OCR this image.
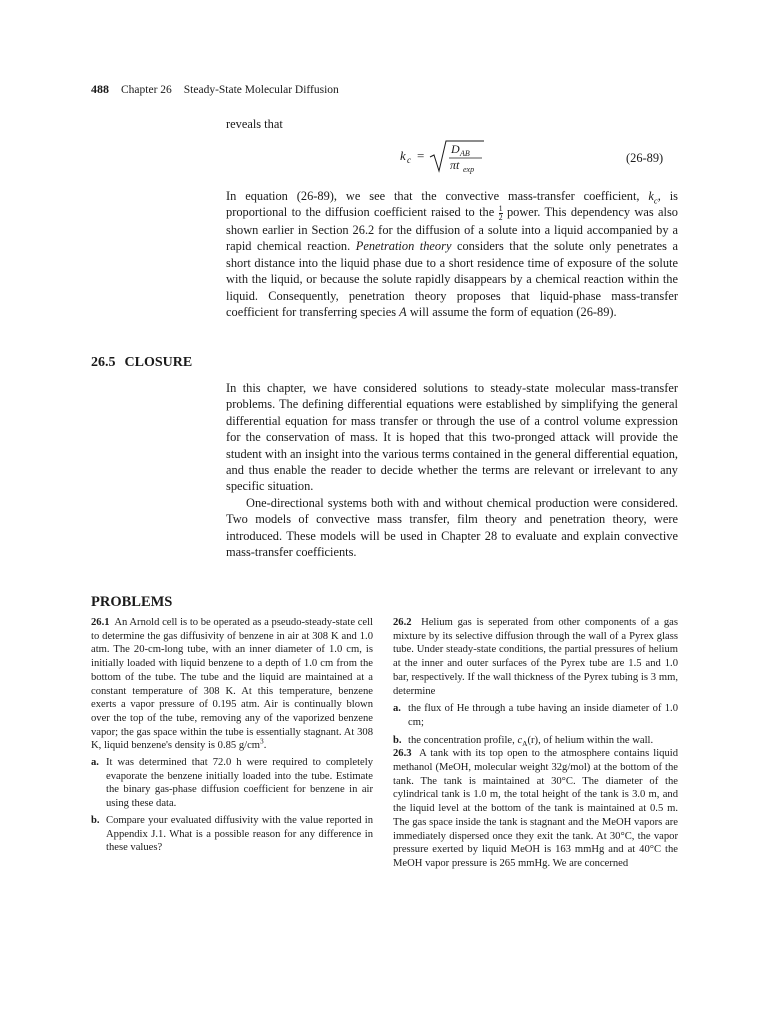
488 Chapter 26 Steady-State Molecular Diffusion
reveals that
k c = D AB
πt exp
(26-89)

In equation (26-89), we see that the convective mass-transfer coefficient, $k_c$, is proportional to the diffusion coefficient raised to the $\frac{1}{2}$ power. This dependency was also shown earlier in Section 26.2 for the diffusion of a solute into a liquid accompanied by a rapid chemical reaction. Penetration theory considers that the solute only penetrates a short distance into the liquid phase due to a short residence time of exposure of the solute with the liquid, or because the solute rapidly disappears by a chemical reaction within the liquid. Consequently, penetration theory proposes that liquid-phase mass-transfer coefficient for transferring species A will assume the form of equation (26-89).

26.5 CLOSURE

In this chapter, we have considered solutions to steady-state molecular mass-transfer problems. The defining differential equations were established by simplifying the general differential equation for mass transfer or through the use of a control volume expression for the conservation of mass. It is hoped that this two-pronged attack will provide the student with an insight into the various terms contained in the general differential equation, and thus enable the reader to decide whether the terms are relevant or irrelevant to any specific situation.

One-directional systems both with and without chemical production were considered. Two models of convective mass transfer, film theory and penetration theory, were introduced. These models will be used in Chapter 28 to evaluate and explain convective mass-transfer coefficients.

PROBLEMS

26.1 An Arnold cell is to be operated as a pseudo-steady-state cell to determine the gas diffusivity of benzene in air at 308 K and 1.0 atm. The 20-cm-long tube, with an inner diameter of 1.0 cm, is initially loaded with liquid benzene to a depth of 1.0 cm from the bottom of the tube. The tube and the liquid are maintained at a constant temperature of 308 K. At this temperature, benzene exerts a vapor pressure of 0.195 atm. Air is continually blown over the top of the tube, removing any of the vaporized benzene vapor; the gas space within the tube is essentially stagnant. At 308 K, liquid benzene's density is 0.85 $g/cm^3$.

a. It was determined that 72.0 h were required to completely evaporate the benzene initially loaded into the tube. Estimate the binary gas-phase diffusion coefficient for benzene in air using these data.
b. Compare your evaluated diffusivity with the value reported in Appendix J.1. What is a possible reason for any difference in these values?

26.2 Helium gas is seperated from other components of a gas mixture by its selective diffusion through the wall of a Pyrex glass tube. Under steady-state conditions, the partial pressures of helium at the inner and outer surfaces of the Pyrex tube are 1.5 and 1.0 bar, respectively. If the wall thickness of the Pyrex tubing is 3 mm, determine

a. the flux of He through a tube having an inside diameter of 1.0 cm;
b. the concentration profile, $c_A(r)$, of helium within the wall.

26.3 A tank with its top open to the atmosphere contains liquid methanol (MeOH, molecular weight 32g/mol) at the bottom of the tank. The tank is maintained at 30°C. The diameter of the cylindrical tank is 1.0 m, the total height of the tank is 3.0 m, and the liquid level at the bottom of the tank is maintained at 0.5 m. The gas space inside the tank is stagnant and the MeOH vapors are immediately dispersed once they exit the tank. At 30°C, the vapor pressure exerted by liquid MeOH is 163 mmHg and at 40°C the MeOH vapor pressure is 265 mmHg. We are concerned
